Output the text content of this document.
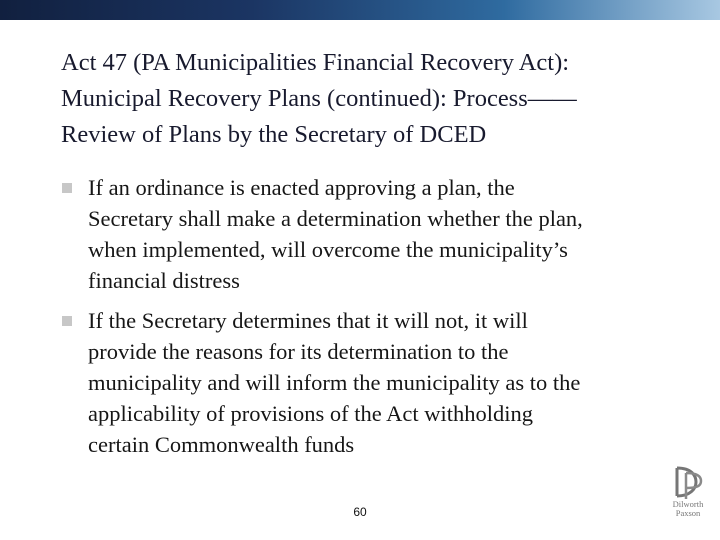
Act 47 (PA Municipalities Financial Recovery Act):
Municipal Recovery Plans (continued): Process——
Review of Plans by the Secretary of DCED
If an ordinance is enacted approving a plan, the
Secretary shall make a determination whether the plan,
when implemented, will overcome the municipality’s
financial distress
If the Secretary determines that it will not, it will
provide the reasons for its determination to the
municipality and will inform the municipality as to the
applicability of provisions of the Act withholding
certain Commonwealth funds
60
Dilworth
Paxson
